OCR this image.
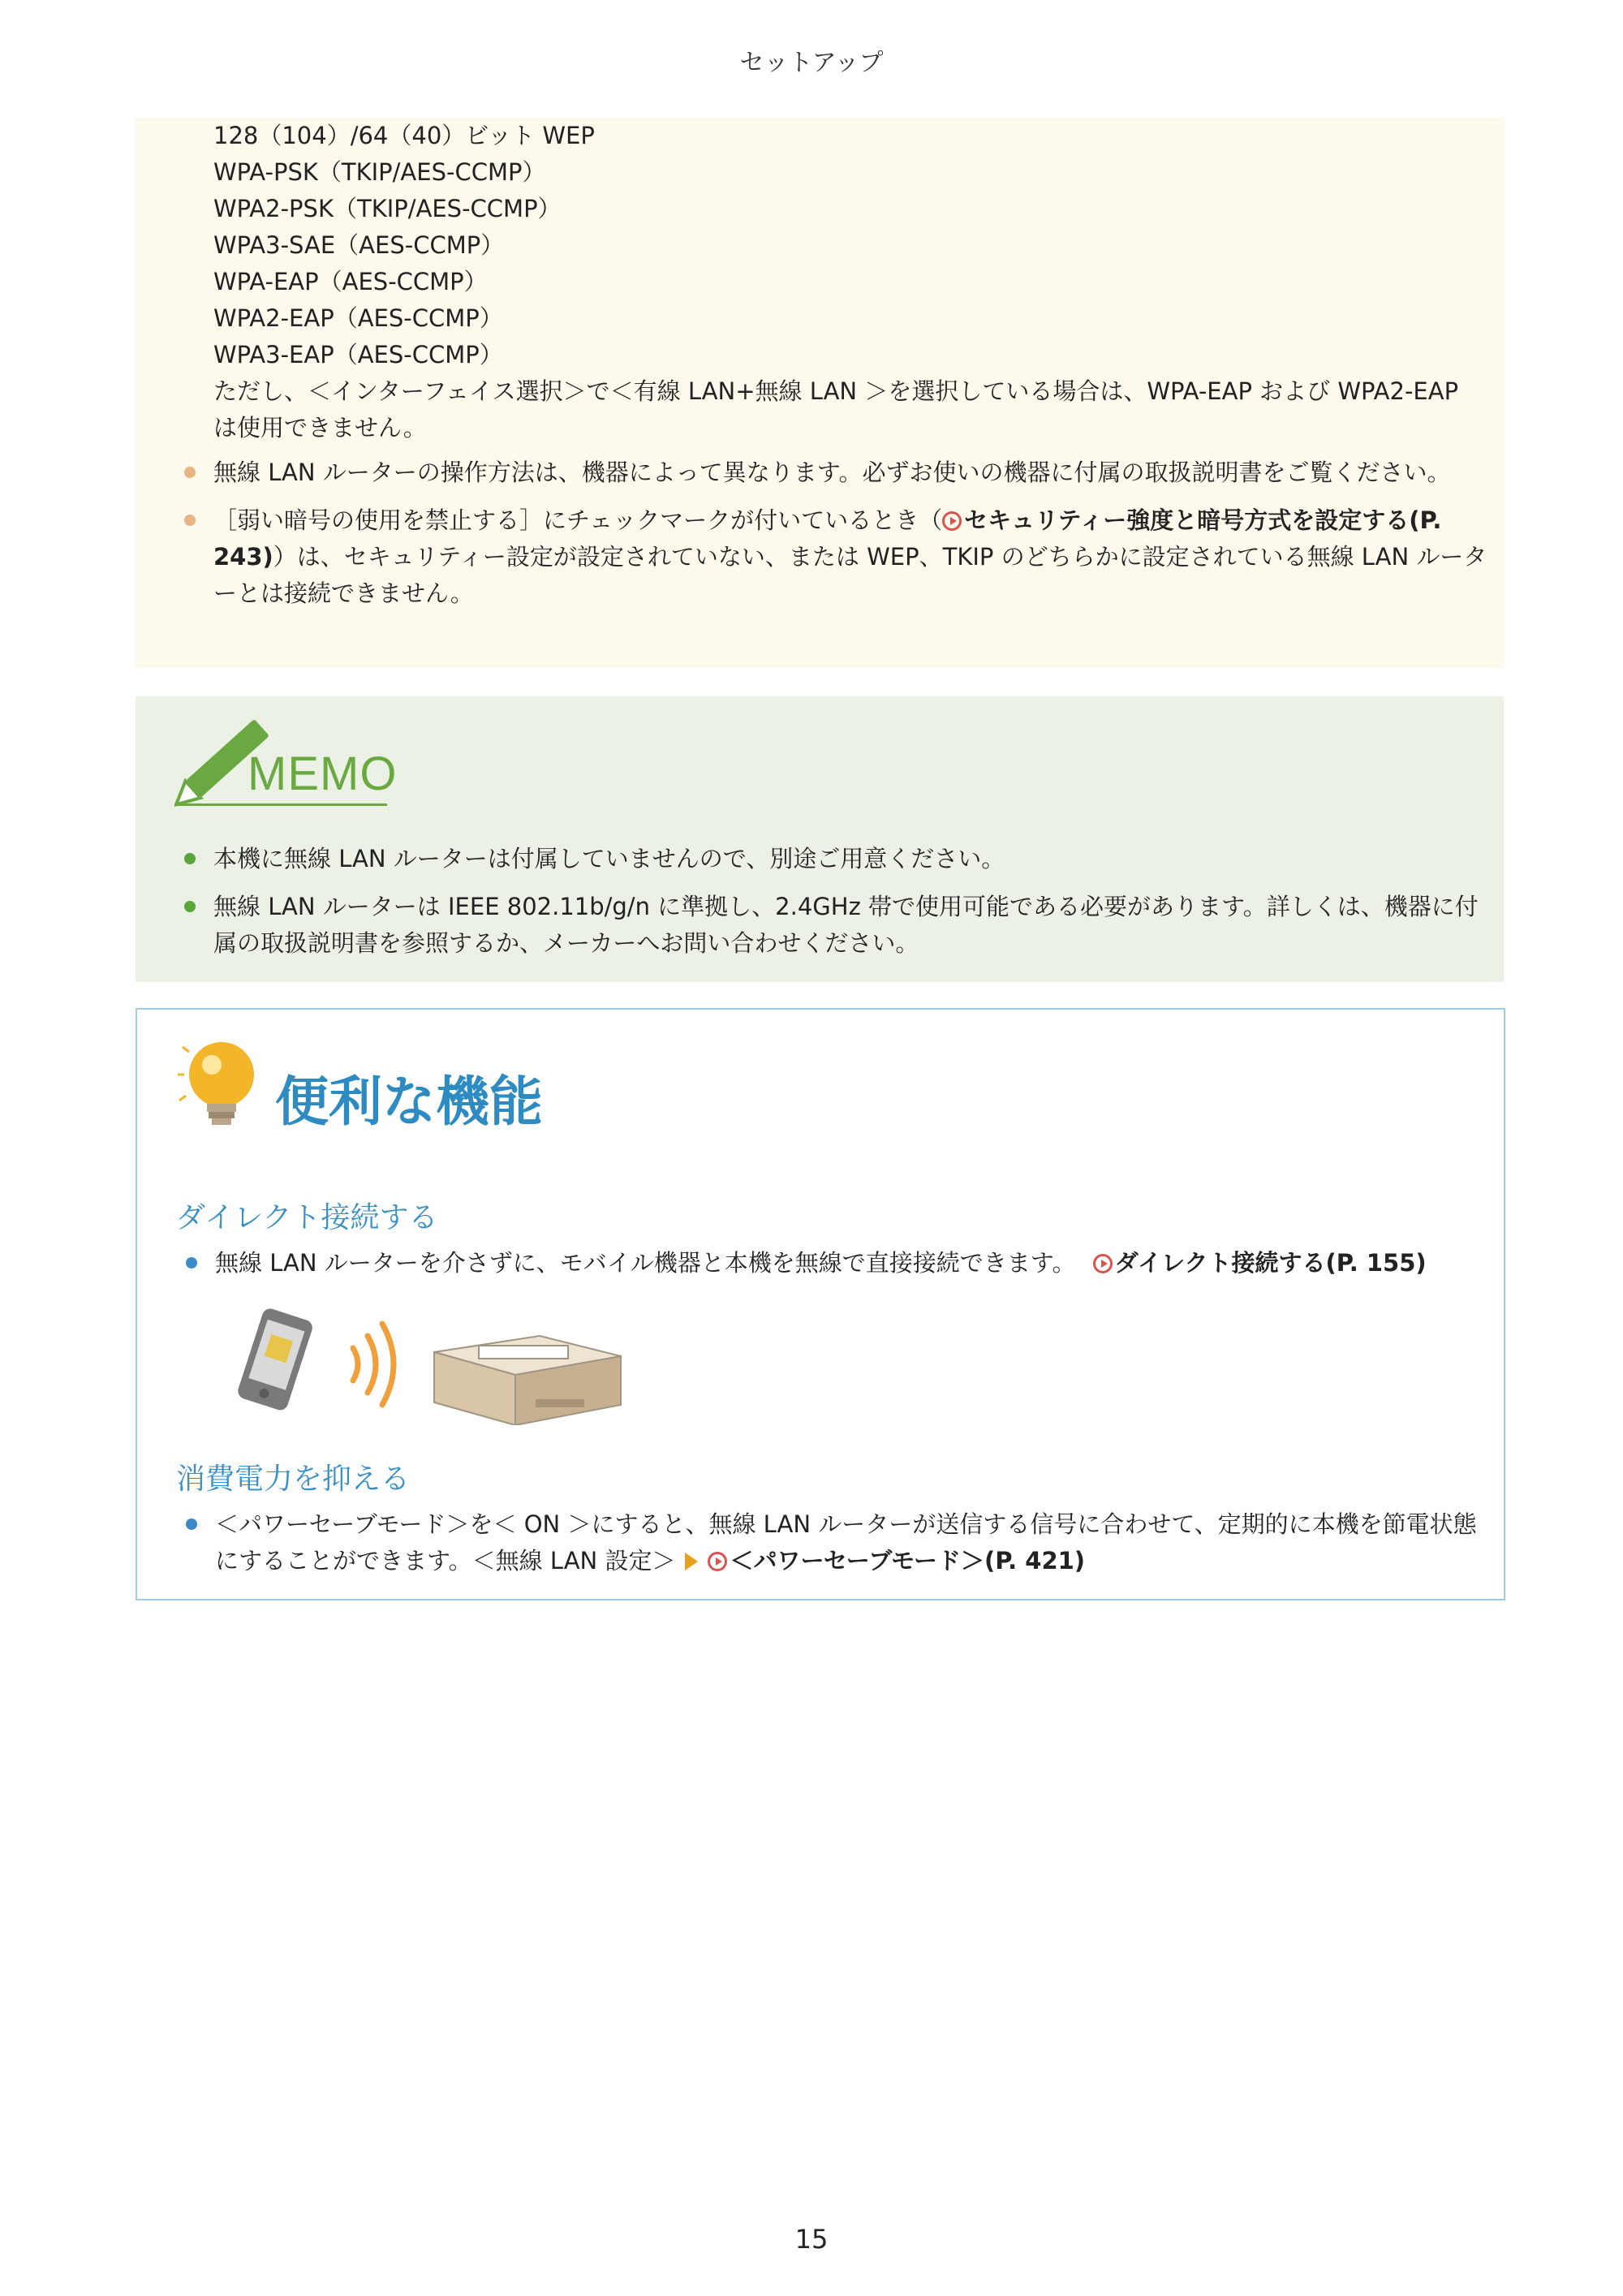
セットアップ
128（104）/64（40）ビット WEP
WPA-PSK（TKIP/AES-CCMP）
WPA2-PSK（TKIP/AES-CCMP）
WPA3-SAE（AES-CCMP）
WPA-EAP（AES-CCMP）
WPA2-EAP（AES-CCMP）
WPA3-EAP（AES-CCMP）
ただし、＜インターフェイス選択＞で＜有線 LAN+無線 LAN ＞を選択している場合は、WPA-EAP および WPA2-EAP は使用できません。
無線 LAN ルーターの操作方法は、機器によって異なります。必ずお使いの機器に付属の取扱説明書をご覧ください。
［弱い暗号の使用を禁止する］にチェックマークが付いているとき（ セキュリティー強度と暗号方式を設定する(P. 243)）は、セキュリティー設定が設定されていない、または WEP、TKIP のどちらかに設定されている無線 LAN ルーターとは接続できません。
MEMO
本機に無線 LAN ルーターは付属していませんので、別途ご用意ください。
無線 LAN ルーターは IEEE 802.11b/g/n に準拠し、2.4GHz 帯で使用可能である必要があります。詳しくは、機器に付属の取扱説明書を参照するか、メーカーへお問い合わせください。
便利な機能
ダイレクト接続する
無線 LAN ルーターを介さずに、モバイル機器と本機を無線で直接接続できます。 ダイレクト接続する(P. 155)
消費電力を抑える
＜パワーセーブモード＞を＜ ON ＞にすると、無線 LAN ルーターが送信する信号に合わせて、定期的に本機を節電状態にすることができます。＜無線 LAN 設定＞ ＜パワーセーブモード＞(P. 421)
15
